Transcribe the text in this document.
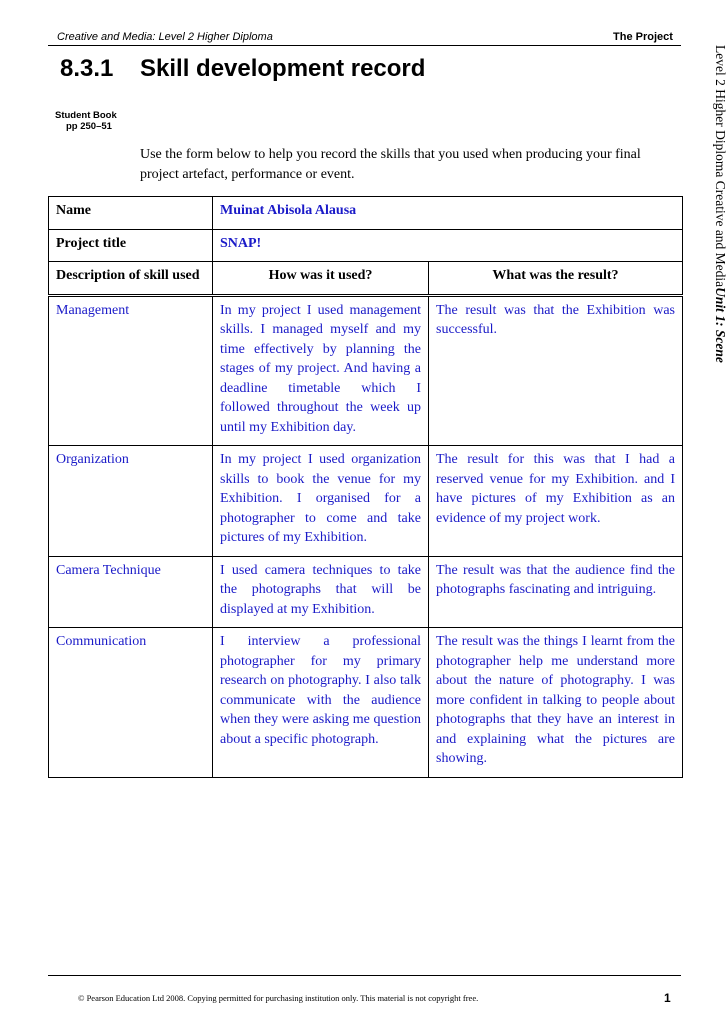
Creative and Media: Level 2 Higher Diploma	The Project
8.3.1 Skill development record
Student Book
pp 250–51
Use the form below to help you record the skills that you used when producing your final project artefact, performance or event.	Level 2 Higher Diploma Creative and MediaUnit 1: Scene
Name	Muinat Abisola Alausa	
Project title	SNAP!	
Description of skill used	How was it used?	What was the result?
Management	In my project I used management skills. I managed myself and my time effectively by planning the stages of my project. And having a deadline timetable which I followed throughout the week up until my Exhibition day.	The result was that the Exhibition was successful.
Organization	In my project I used organization skills to book the venue for my Exhibition. I organised for a photographer to come and take pictures of my Exhibition.	The result for this was that I had a reserved venue for my Exhibition. and I have pictures of my Exhibition as an evidence of my project work.
Camera Technique	I used camera techniques to take the photographs that will be displayed at my Exhibition.	The result was that the audience find the photographs fascinating and intriguing.
Communication	I interview a professional photographer for my primary research on photography. I also talk communicate with the audience when they were asking me question about a specific photograph.	The result was the things I learnt from the photographer help me understand more about the nature of photography. I was more confident in talking to people about photographs that they have an interest in and explaining what the pictures are showing.
© Pearson Education Ltd 2008. Copying permitted for purchasing institution only. This material is not copyright free.	1
